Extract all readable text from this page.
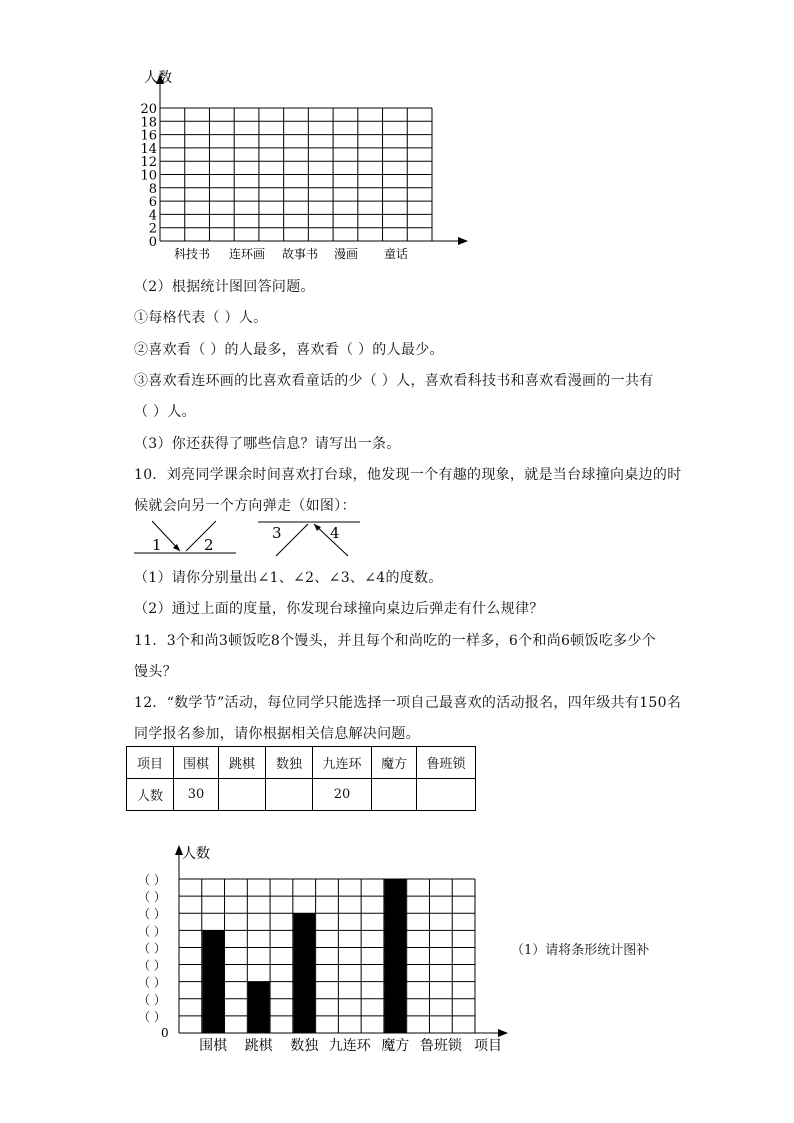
人数
20
18
16
14
12
10
8
6
4
2
0
科技书 连环画 故事书 漫画 童话
（2）根据统计图回答问题。
①每格代表（ ）人。
②喜欢看（ ）的人最多，喜欢看（ ）的人最少。
③喜欢看连环画的比喜欢看童话的少（ ）人，喜欢看科技书和喜欢看漫画的一共有
（ ）人。
（3）你还获得了哪些信息？请写出一条。
10．刘亮同学课余时间喜欢打台球，他发现一个有趣的现象，就是当台球撞向桌边的时
候就会向另一个方向弹走（如图）：
1	2
3	4
（1）请你分别量出∠1、∠2、∠3、∠4的度数。
（2）通过上面的度量，你发现台球撞向桌边后弹走有什么规律？
11．3个和尚3顿饭吃8个馒头，并且每个和尚吃的一样多，6个和尚6顿饭吃多少个
馒头？
12．“数学节”活动，每位同学只能选择一项自己最喜欢的活动报名，四年级共有150名
同学报名参加，请你根据相关信息解决问题。
项目	围棋	跳棋	数独	九连环	魔方	鲁班锁
人数	30			20		
人数
项目
0
（ ）
（ ）
（ ）
（ ）
（ ）
（ ）
（ ）
（ ）
（ ）
围棋 跳棋 数独 九连环 魔方 鲁班锁
（1）请将条形统计图补
